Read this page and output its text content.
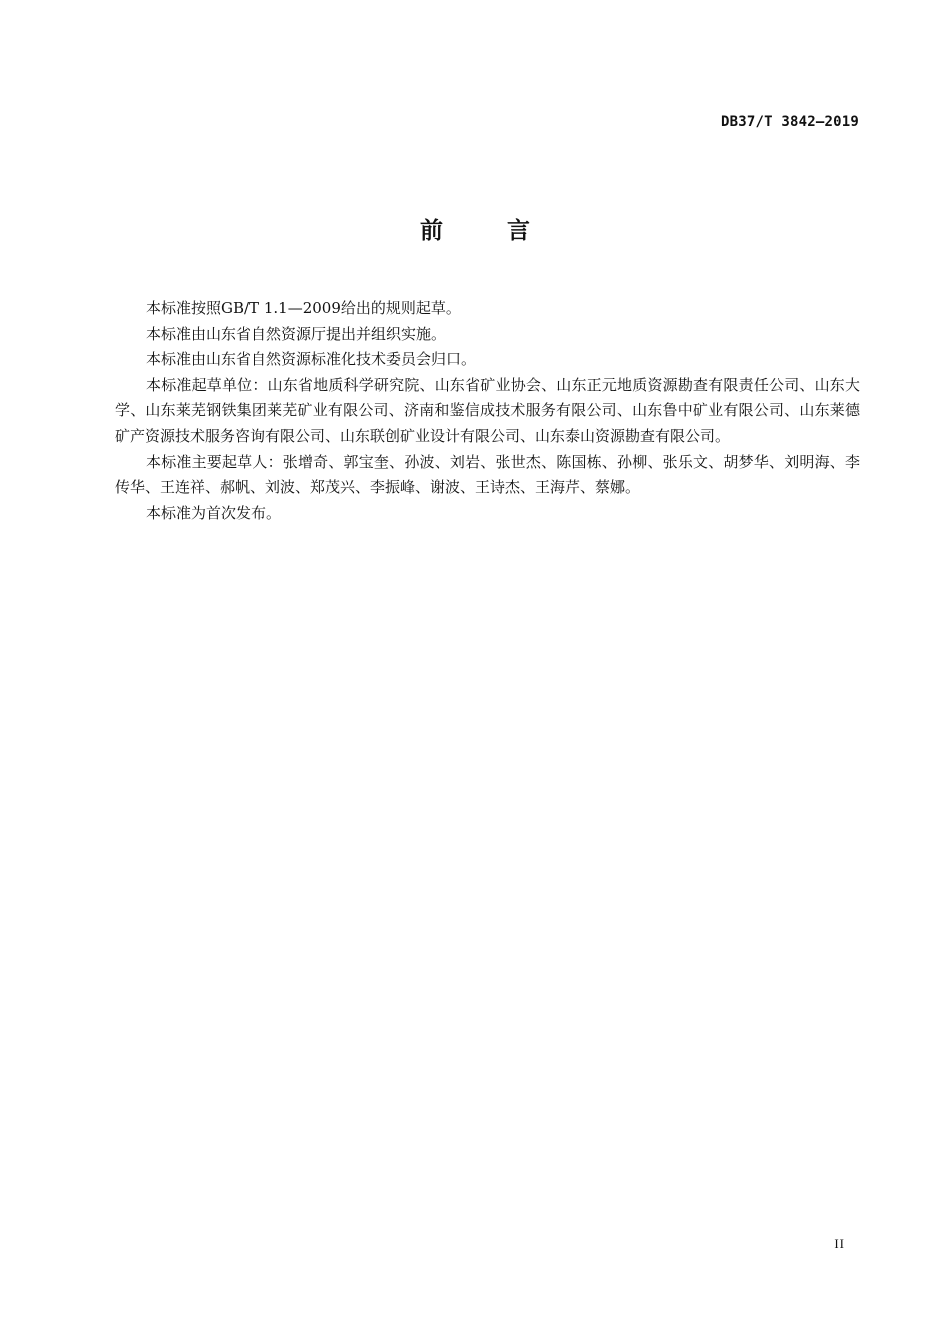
DB37/T 3842—2019
前 言

本标准按照GB/T 1.1—2009给出的规则起草。

本标准由山东省自然资源厅提出并组织实施。

本标准由山东省自然资源标准化技术委员会归口。

本标准起草单位：山东省地质科学研究院、山东省矿业协会、山东正元地质资源勘查有限责任公司、山东大学、山东莱芜钢铁集团莱芜矿业有限公司、济南和鉴信成技术服务有限公司、山东鲁中矿业有限公司、山东莱德矿产资源技术服务咨询有限公司、山东联创矿业设计有限公司、山东泰山资源勘查有限公司。

本标准主要起草人：张增奇、郭宝奎、孙波、刘岩、张世杰、陈国栋、孙柳、张乐文、胡梦华、刘明海、李传华、王连祥、郝帆、刘波、郑茂兴、李振峰、谢波、王诗杰、王海芹、蔡娜。

本标准为首次发布。

II
